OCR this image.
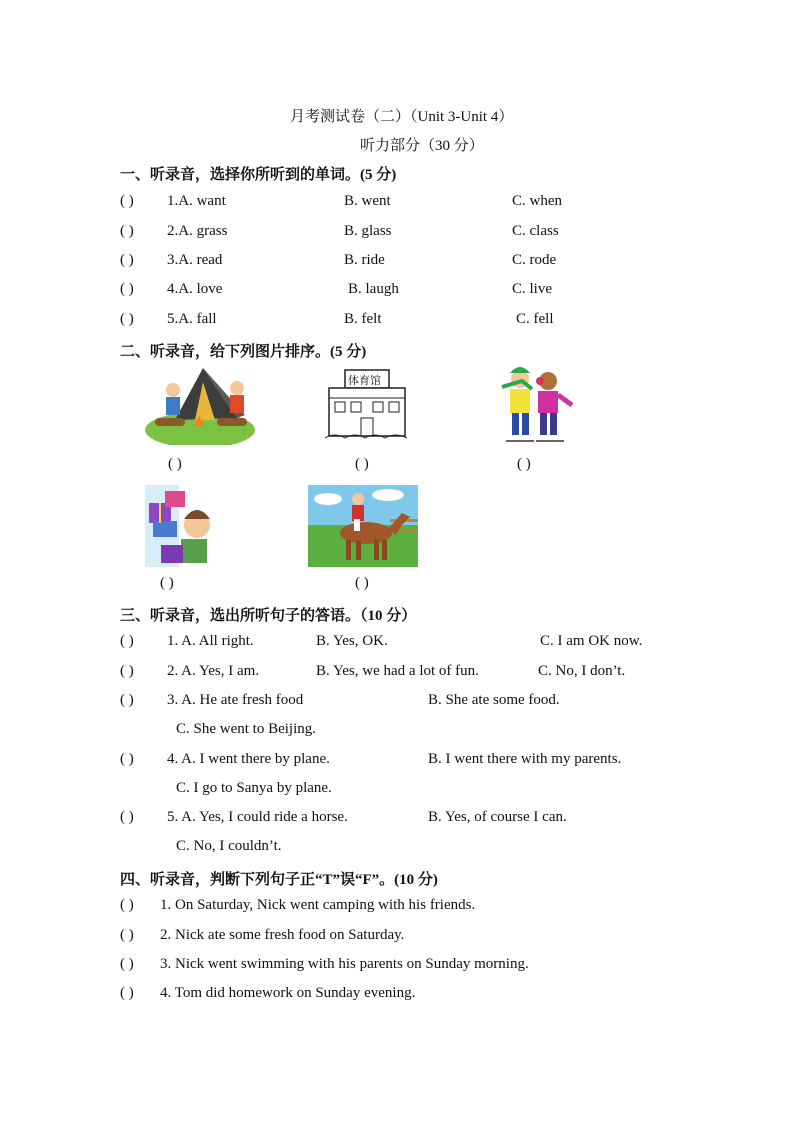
月考测试卷（二）（Unit 3-Unit 4）
听力部分（30 分）
一、听录音，选择你所听到的单词。(5 分)
( ) 1.A. want	B. went	C. when
( ) 2.A. grass	B. glass	C. class
( ) 3.A. read	B. ride	C. rode
( ) 4.A. love	B. laugh	C. live
( ) 5.A. fall	B. felt	C. fell
二、听录音，给下列图片排序。(5 分)
( )
体育馆
( )	( )
( )	( )
三、听录音，选出所听句子的答语。（10 分）
( ) 1. A. All right.	B. Yes, OK.	C. I am OK now.
( ) 2. A. Yes, I am.	B. Yes, we had a lot of fun.	C. No, I don’t.
( ) 3. A. He ate fresh food	B. She ate some food.
C. She went to Beijing.
( ) 4. A. I went there by plane.	B. I went there with my parents.
C. I go to Sanya by plane.
( ) 5. A. Yes, I could ride a horse.	B. Yes, of course I can.
C. No, I couldn’t.
四、听录音，判断下列句子正“T”误“F”。(10 分)
( ) 1. On Saturday, Nick went camping with his friends.
( ) 2. Nick ate some fresh food on Saturday.
( ) 3. Nick went swimming with his parents on Sunday morning.
( ) 4. Tom did homework on Sunday evening.
